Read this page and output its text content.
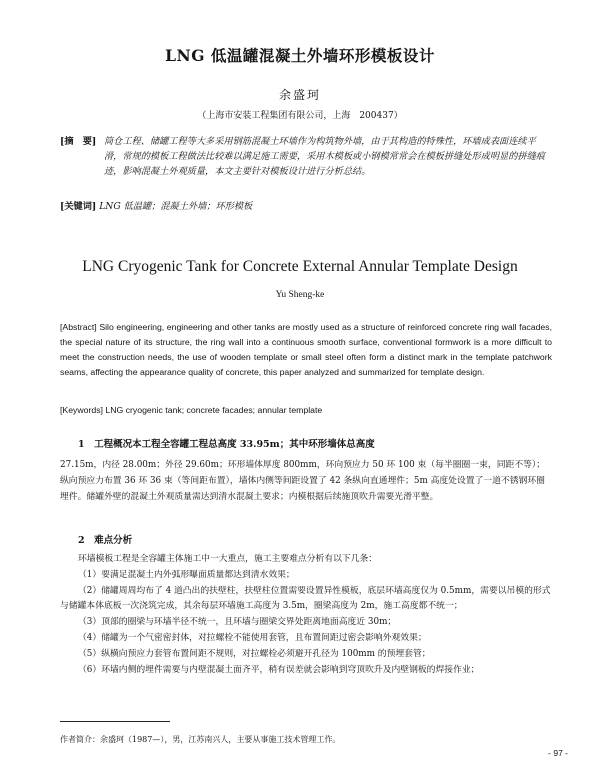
LNG 低温罐混凝土外墙环形模板设计
余盛珂
（上海市安装工程集团有限公司，上海　200437）
[摘　要] 筒仓工程、储罐工程等大多采用钢筋混凝土环墙作为构筑物外墙，由于其构造的特殊性，环墙成表面连续平滑，常规的模板工程做法比较难以满足施工需要，采用木模板或小钢模常常会在模板拼缝处形成明显的拼缝痕迹，影响混凝土外观质量，本文主要针对模板设计进行分析总结。
[关键词] LNG 低温罐；混凝土外墙；环形模板
LNG Cryogenic Tank for Concrete External Annular Template Design
Yu Sheng-ke
[Abstract] Silo engineering, engineering and other tanks are mostly used as a structure of reinforced concrete ring wall facades, the special nature of its structure, the ring wall into a continuous smooth surface, conventional formwork is a more difficult to meet the construction needs, the use of wooden template or small steel often form a distinct mark in the template patchwork seams, affecting the appearance quality of concrete, this paper analyzed and summarized for template design.
[Keywords] LNG cryogenic tank; concrete facades; annular template
1　工程概况本工程全容罐工程总高度 33.95m；其中环形墙体总高度

27.15m，内径 28.00m；外径 29.60m；环形墙体厚度 800mm，环向预应力 50 环 100 束（每半圈圈一束，同距不等）；纵向预应力布置 36 环 36 束（等间距布置），墙体内侧等间距设置了 42 条纵向直通埋件；5m 高度处设置了一道不锈钢环圈埋件。储罐外壁的混凝土外观质量需达到清水混凝土要求；内模根据后续施顶吹升需要光滑平整。

2　难点分析

环墙模板工程是全容罐主体施工中一大重点，施工主要难点分析有以下几条：

（1）要满足混凝土内外弧形曝面质量都达到清水效果；

（2）储罐周周均布了 4 道凸出的扶壁柱，扶壁柱位置需要设置异性模板，底层环墙高度仅为 0.5mm，需要以吊模的形式与储罐本体底板一次浇筑完成，其余每层环墙施工高度为 3.5m，圈梁高度为 2m，施工高度都不统一；

（3）顶部的圈梁与环墙半径不统一，且环墙与圈梁交界处距离地面高度近 30m；

（4）储罐为一个气密密封体，对拉螺栓不能使用套管，且布置间距过密会影响外观效果；

（5）纵横向预应力套管布置间距不规则，对拉螺栓必须避开孔径为 100mm 的预埋套管；

（6）环墙内侧的埋件需要与内壁混凝土面齐平，稍有误差就会影响到穹顶吹升及内壁钢板的焊接作业；

作者简介：余盛珂（1987—），男，江苏南兴人，主要从事施工技术管理工作。
- 97 -
